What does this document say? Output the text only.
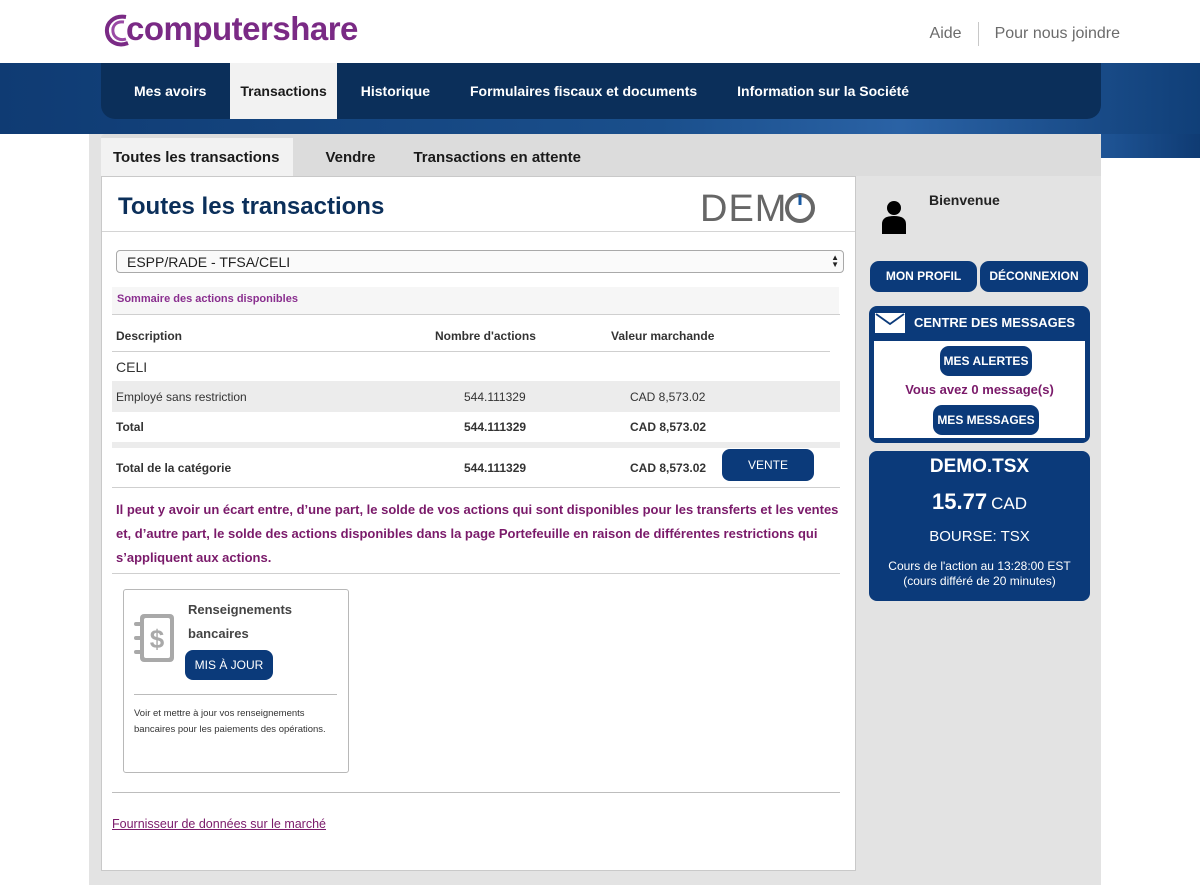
computershare	Aide Pour nous joindre
Mes avoirs	Transactions	Historique	Formulaires fiscaux et documents	Information sur la Société
Toutes les transactions	Vendre	Transactions en attente
Toutes les transactions	DEM
ESPP/RADE - TFSA/CELI	▲
▼
Sommaire des actions disponibles
Description	Nombre d'actions	Valeur marchande
CELI
Employé sans restriction	544.111329	CAD 8,573.02
Total	544.111329	CAD 8,573.02
Total de la catégorie	544.111329	CAD 8,573.02	VENTE
Il peut y avoir un écart entre, d’une part, le solde de vos actions qui sont disponibles pour les transferts et les ventes et, d’autre part, le solde des actions disponibles dans la page Portefeuille en raison de différentes restrictions qui s’appliquent aux actions.
$
Renseignements
bancaires
MIS À JOUR
Voir et mettre à jour vos renseignements bancaires pour les paiements des opérations.
Fournisseur de données sur le marché
Bienvenue
MON PROFIL	DÉCONNEXION
CENTRE DES MESSAGES
MES ALERTES
Vous avez 0 message(s)
MES MESSAGES
DEMO.TSX
15.77 CAD
BOURSE: TSX
Cours de l'action au 13:28:00 EST
(cours différé de 20 minutes)
